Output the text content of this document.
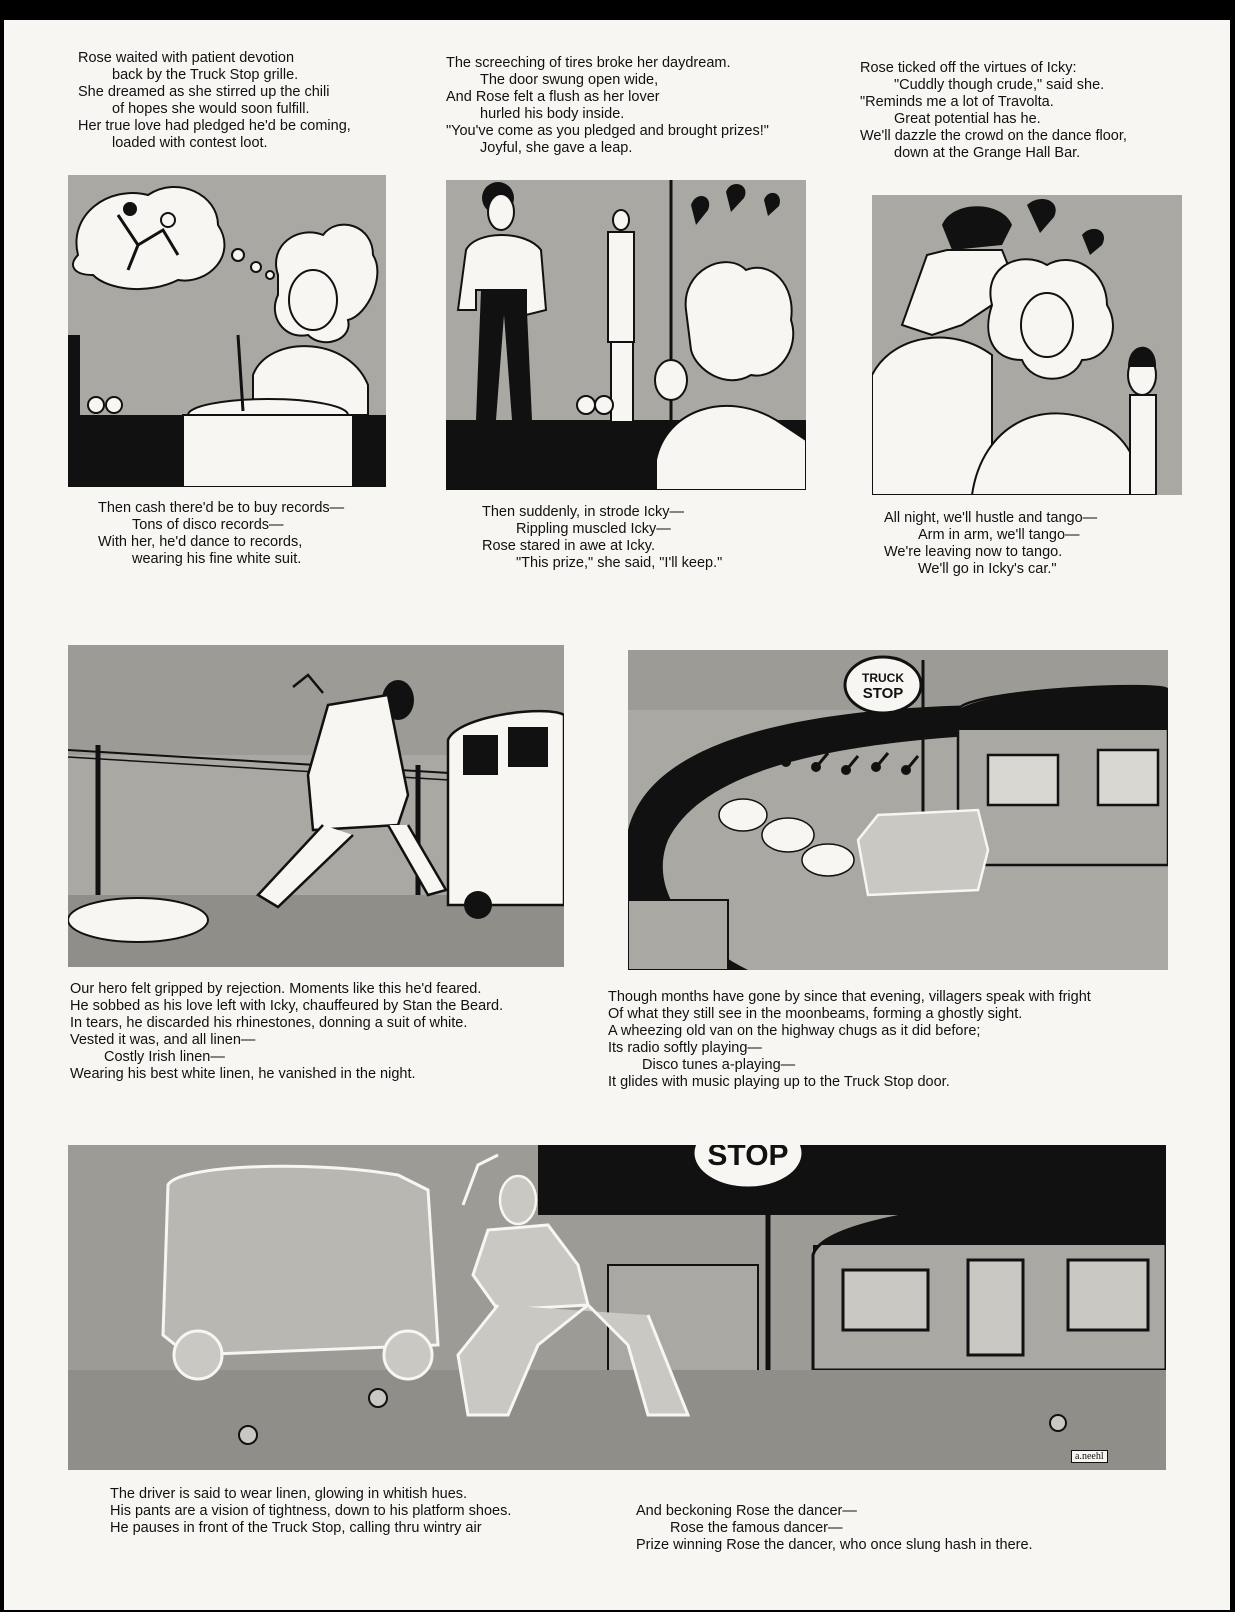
Rose waited with patient devotion
back by the Truck Stop grille.
She dreamed as she stirred up the chili
of hopes she would soon fulfill.
Her true love had pledged he'd be coming,
loaded with contest loot.
The screeching of tires broke her daydream.
The door swung open wide,
And Rose felt a flush as her lover
hurled his body inside.
"You've come as you pledged and brought prizes!"
Joyful, she gave a leap.
Rose ticked off the virtues of Icky:
"Cuddly though crude," said she.
"Reminds me a lot of Travolta.
Great potential has he.
We'll dazzle the crowd on the dance floor,
down at the Grange Hall Bar.
Then cash there'd be to buy records—
Tons of disco records—
With her, he'd dance to records,
wearing his fine white suit.
Then suddenly, in strode Icky—
Rippling muscled Icky—
Rose stared in awe at Icky.
"This prize," she said, "I'll keep."
All night, we'll hustle and tango—
Arm in arm, we'll tango—
We're leaving now to tango.
We'll go in Icky's car."
TRUCK
STOP
Our hero felt gripped by rejection. Moments like this he'd feared.
He sobbed as his love left with Icky, chauffeured by Stan the Beard.
In tears, he discarded his rhinestones, donning a suit of white.
Vested it was, and all linen—
Costly Irish linen—
Wearing his best white linen, he vanished in the night.
Though months have gone by since that evening, villagers speak with fright
Of what they still see in the moonbeams, forming a ghostly sight.
A wheezing old van on the highway chugs as it did before;
Its radio softly playing—
Disco tunes a-playing—
It glides with music playing up to the Truck Stop door.
STOP
a.neehl
The driver is said to wear linen, glowing in whitish hues.
His pants are a vision of tightness, down to his platform shoes.
He pauses in front of the Truck Stop, calling thru wintry air
And beckoning Rose the dancer—
Rose the famous dancer—
Prize winning Rose the dancer, who once slung hash in there.
